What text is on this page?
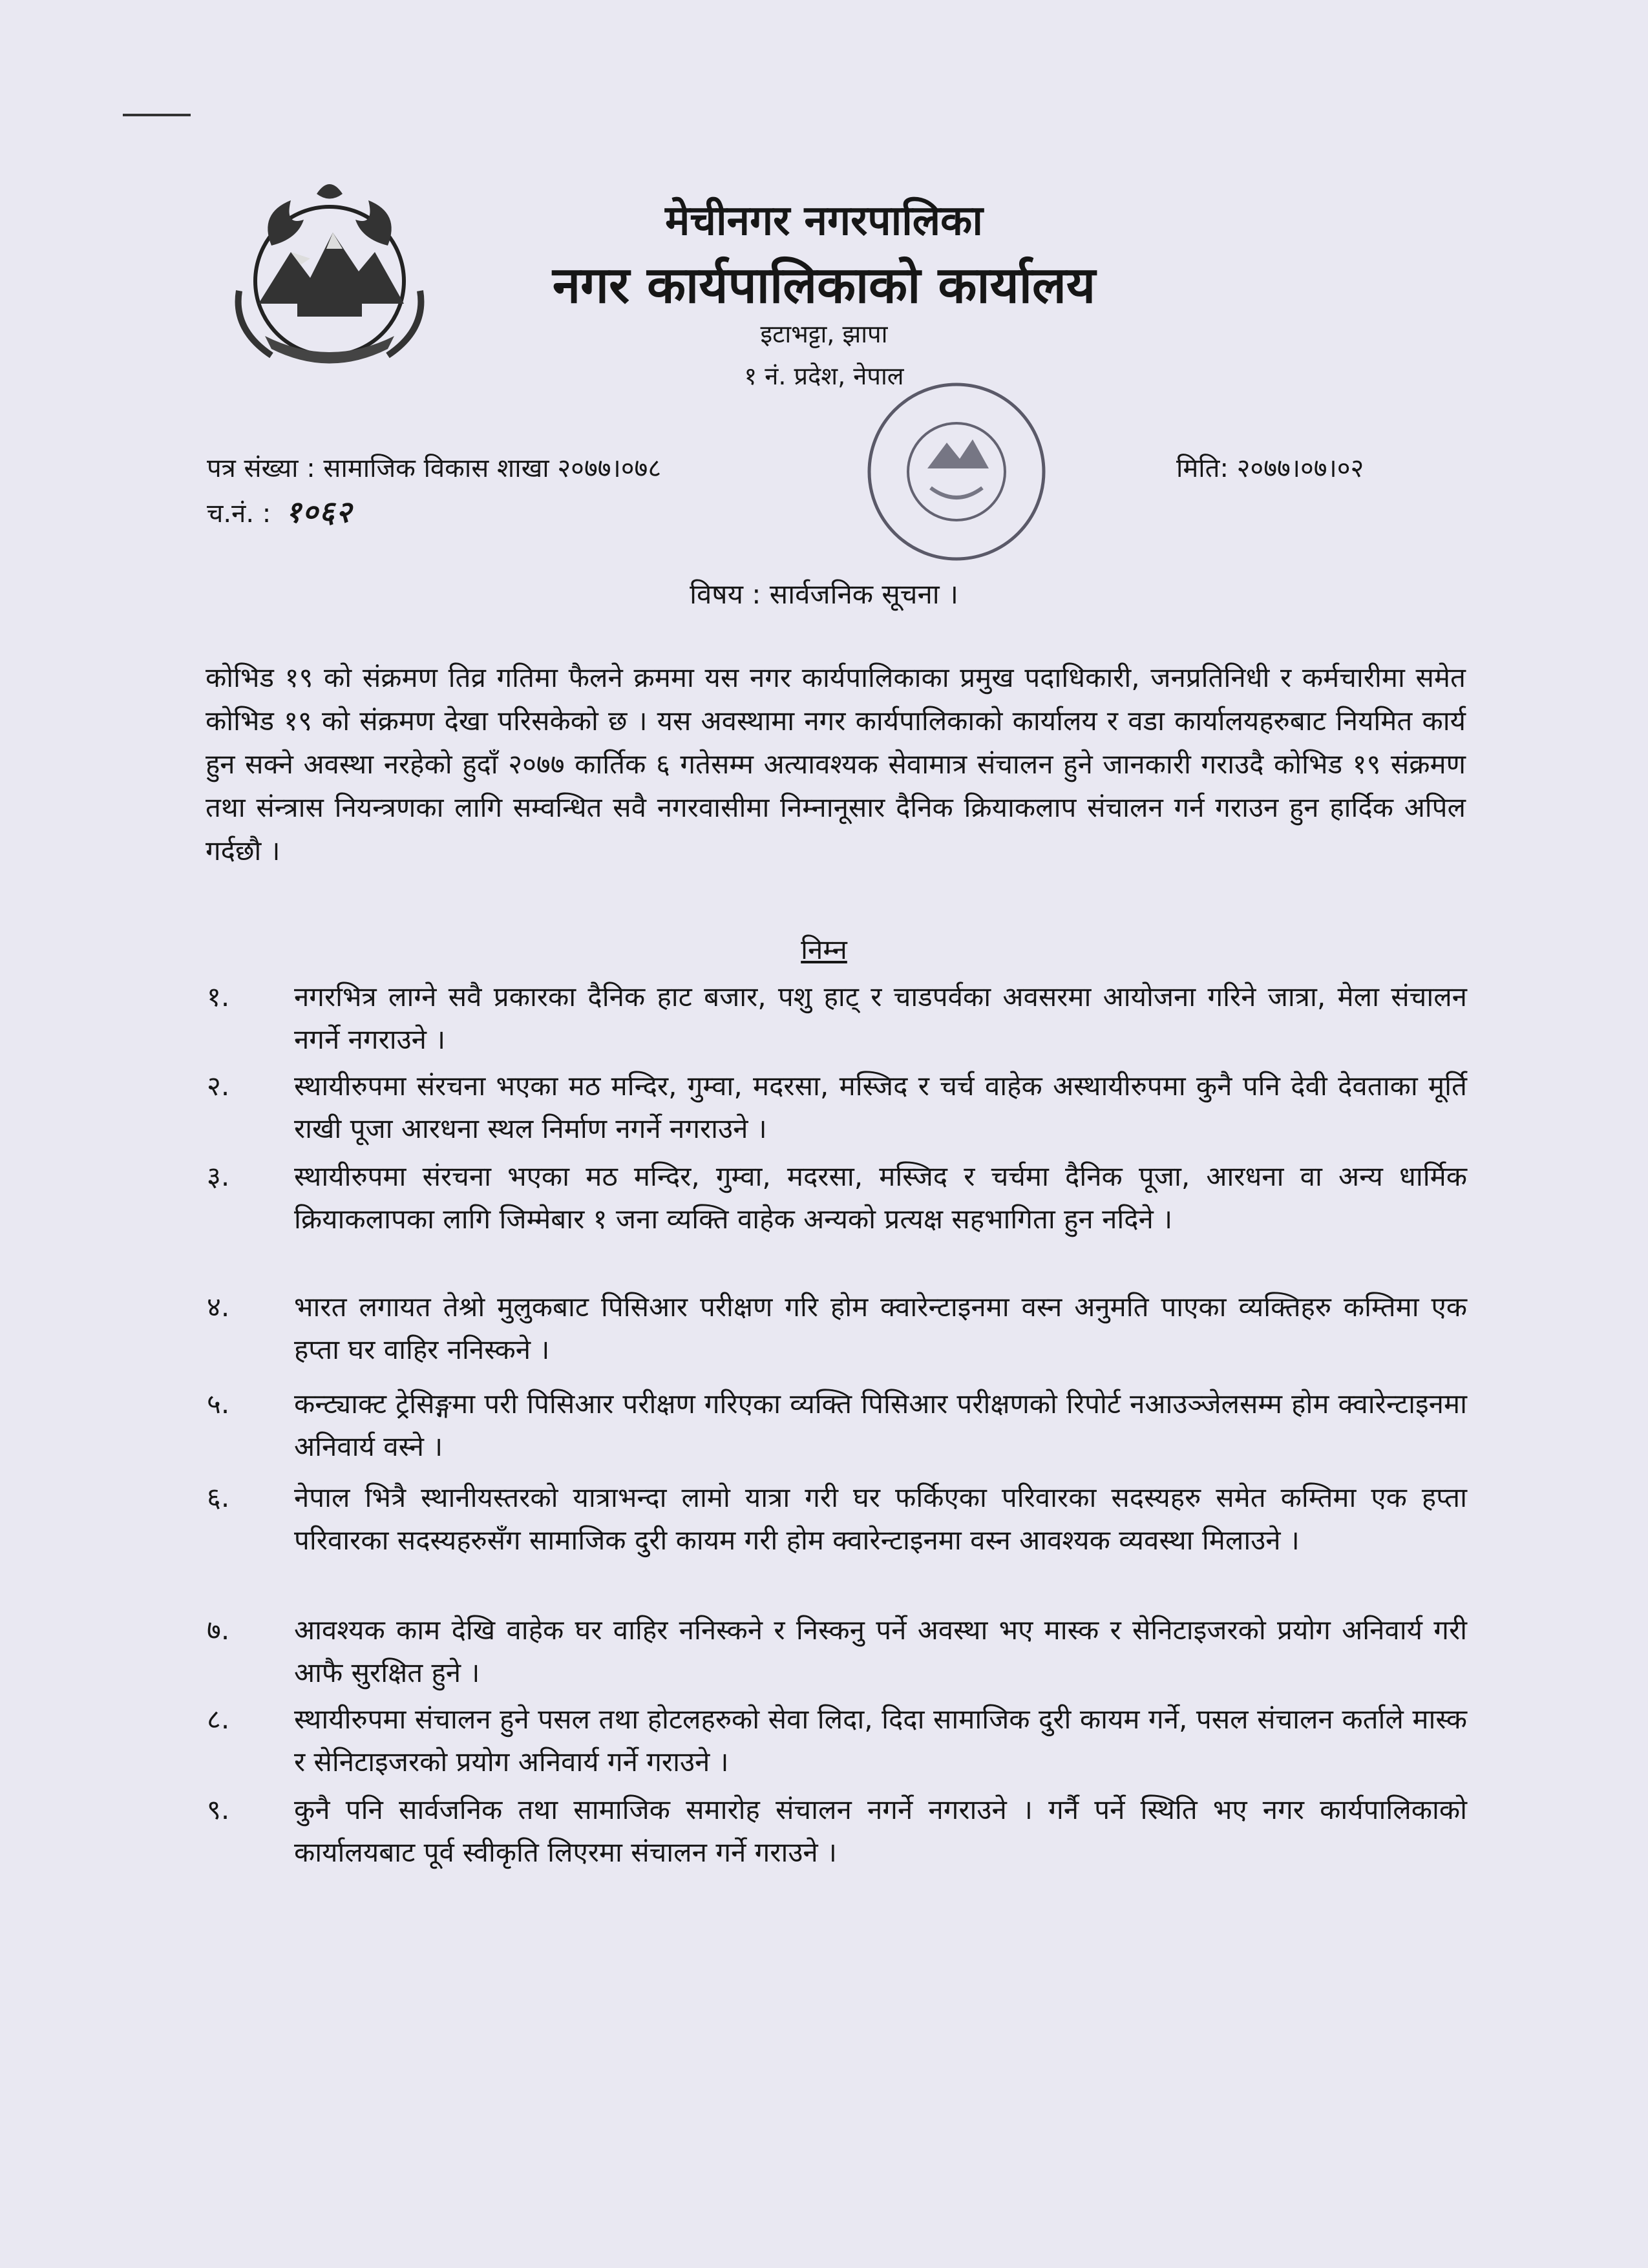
मेचीनगर नगरपालिका
नगर कार्यपालिकाको कार्यालय
इटाभट्टा, झापा
१ नं. प्रदेश, नेपाल
पत्र संख्या : सामाजिक विकास शाखा २०७७।०७८	मिति: २०७७।०७।०२
च.नं. : १०६२
विषय : सार्वजनिक सूचना ।
कोभिड १९ को संक्रमण तिव्र गतिमा फैलने क्रममा यस नगर कार्यपालिकाका प्रमुख पदाधिकारी, जनप्रतिनिधी र कर्मचारीमा समेत कोभिड १९ को संक्रमण देखा परिसकेको छ । यस अवस्थामा नगर कार्यपालिकाको कार्यालय र वडा कार्यालयहरुबाट नियमित कार्य हुन सक्ने अवस्था नरहेको हुदाँ २०७७ कार्तिक ६ गतेसम्म अत्यावश्यक सेवामात्र संचालन हुने जानकारी गराउदै कोभिड १९ संक्रमण तथा संन्त्रास नियन्त्रणका लागि सम्वन्धित सवै नगरवासीमा निम्नानूसार दैनिक क्रियाकलाप संचालन गर्न गराउन हुन हार्दिक अपिल गर्दछौ ।
निम्न
१. नगरभित्र लाग्ने सवै प्रकारका दैनिक हाट बजार, पशु हाट् र चाडपर्वका अवसरमा आयोजना गरिने जात्रा, मेला संचालन नगर्ने नगराउने ।
२. स्थायीरुपमा संरचना भएका मठ मन्दिर, गुम्वा, मदरसा, मस्जिद र चर्च वाहेक अस्थायीरुपमा कुनै पनि देवी देवताका मूर्ति राखी पूजा आरधना स्थल निर्माण नगर्ने नगराउने ।
३. स्थायीरुपमा संरचना भएका मठ मन्दिर, गुम्वा, मदरसा, मस्जिद र चर्चमा दैनिक पूजा, आरधना वा अन्य धार्मिक क्रियाकलापका लागि जिम्मेबार १ जना व्यक्ति वाहेक अन्यको प्रत्यक्ष सहभागिता हुन नदिने ।
४. भारत लगायत तेश्रो मुलुकबाट पिसिआर परीक्षण गरि होम क्वारेन्टाइनमा वस्न अनुमति पाएका व्यक्तिहरु कम्तिमा एक हप्ता घर वाहिर ननिस्कने ।
५. कन्ट्याक्ट ट्रेसिङ्गमा परी पिसिआर परीक्षण गरिएका व्यक्ति पिसिआर परीक्षणको रिपोर्ट नआउञ्जेलसम्म होम क्वारेन्टाइनमा अनिवार्य वस्ने ।
६. नेपाल भित्रै स्थानीयस्तरको यात्राभन्दा लामो यात्रा गरी घर फर्किएका परिवारका सदस्यहरु समेत कम्तिमा एक हप्ता परिवारका सदस्यहरुसँग सामाजिक दुरी कायम गरी होम क्वारेन्टाइनमा वस्न आवश्यक व्यवस्था मिलाउने ।
७. आवश्यक काम देखि वाहेक घर वाहिर ननिस्कने र निस्कनु पर्ने अवस्था भए मास्क र सेनिटाइजरको प्रयोग अनिवार्य गरी आफै सुरक्षित हुने ।
८. स्थायीरुपमा संचालन हुने पसल तथा होटलहरुको सेवा लिदा, दिदा सामाजिक दुरी कायम गर्ने, पसल संचालन कर्ताले मास्क र सेनिटाइजरको प्रयोग अनिवार्य गर्ने गराउने ।
९. कुनै पनि सार्वजनिक तथा सामाजिक समारोह संचालन नगर्ने नगराउने । गर्नै पर्ने स्थिति भए नगर कार्यपालिकाको कार्यालयबाट पूर्व स्वीकृति लिएरमा संचालन गर्ने गराउने ।
